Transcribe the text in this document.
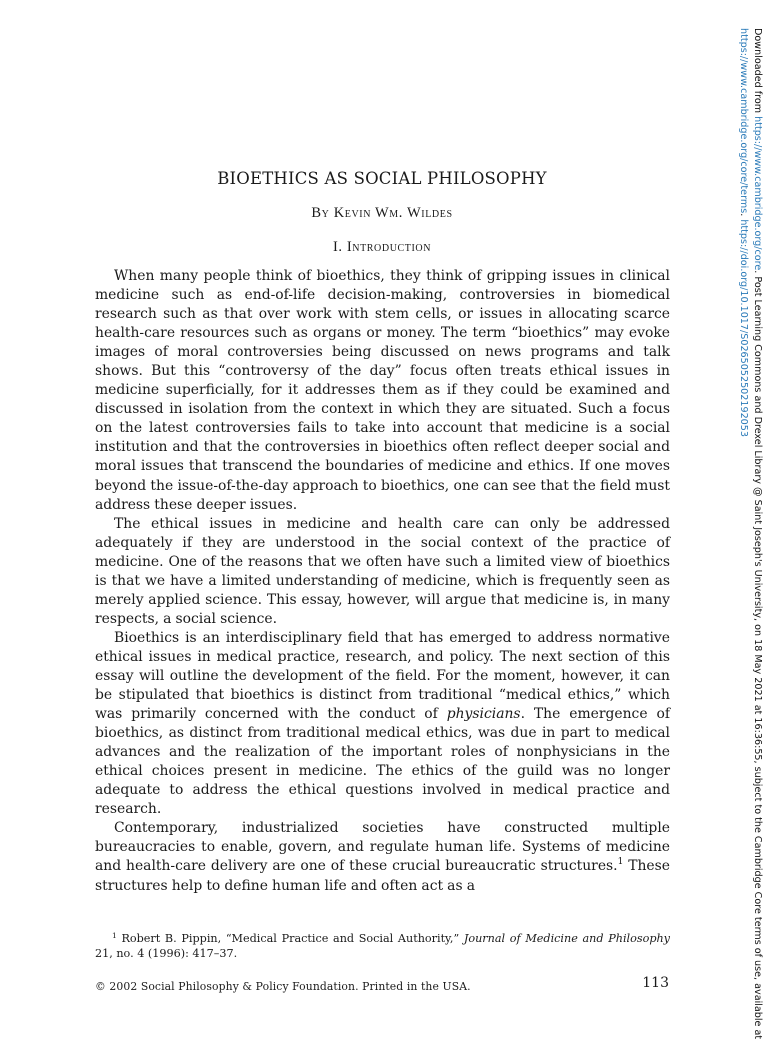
BIOETHICS AS SOCIAL PHILOSOPHY
By Kevin Wm. Wildes
I. Introduction

When many people think of bioethics, they think of gripping issues in clinical medicine such as end-of-life decision-making, controversies in biomedical research such as that over work with stem cells, or issues in allocating scarce health-care resources such as organs or money. The term “bioethics” may evoke images of moral controversies being discussed on news programs and talk shows. But this “controversy of the day” focus often treats ethical issues in medicine superficially, for it addresses them as if they could be examined and discussed in isolation from the context in which they are situated. Such a focus on the latest controversies fails to take into account that medicine is a social institution and that the controversies in bioethics often reflect deeper social and moral issues that transcend the boundaries of medicine and ethics. If one moves beyond the issue-of-the-day approach to bioethics, one can see that the field must address these deeper issues.

The ethical issues in medicine and health care can only be addressed adequately if they are understood in the social context of the practice of medicine. One of the reasons that we often have such a limited view of bioethics is that we have a limited understanding of medicine, which is frequently seen as merely applied science. This essay, however, will argue that medicine is, in many respects, a social science.

Bioethics is an interdisciplinary field that has emerged to address normative ethical issues in medical practice, research, and policy. The next section of this essay will outline the development of the field. For the moment, however, it can be stipulated that bioethics is distinct from traditional “medical ethics,” which was primarily concerned with the conduct of physicians. The emergence of bioethics, as distinct from traditional medical ethics, was due in part to medical advances and the realization of the important roles of nonphysicians in the ethical choices present in medicine. The ethics of the guild was no longer adequate to address the ethical questions involved in medical practice and research.

Contemporary, industrialized societies have constructed multiple bureaucracies to enable, govern, and regulate human life. Systems of medicine and health-care delivery are one of these crucial bureaucratic structures.$^1$ These structures help to define human life and often act as a

$^1$ Robert B. Pippin, “Medical Practice and Social Authority,” Journal of Medicine and Philosophy 21, no. 4 (1996): 417–37.
© 2002 Social Philosophy & Policy Foundation. Printed in the USA.	113
Downloaded from https://www.cambridge.org/core. Post Learning Commons and Drexel Library @ Saint Joseph's University, on 18 May 2021 at 16:36:55, subject to the Cambridge Core terms of use, available at
https://www.cambridge.org/core/terms. https://doi.org/10.1017/S0265052502192053
